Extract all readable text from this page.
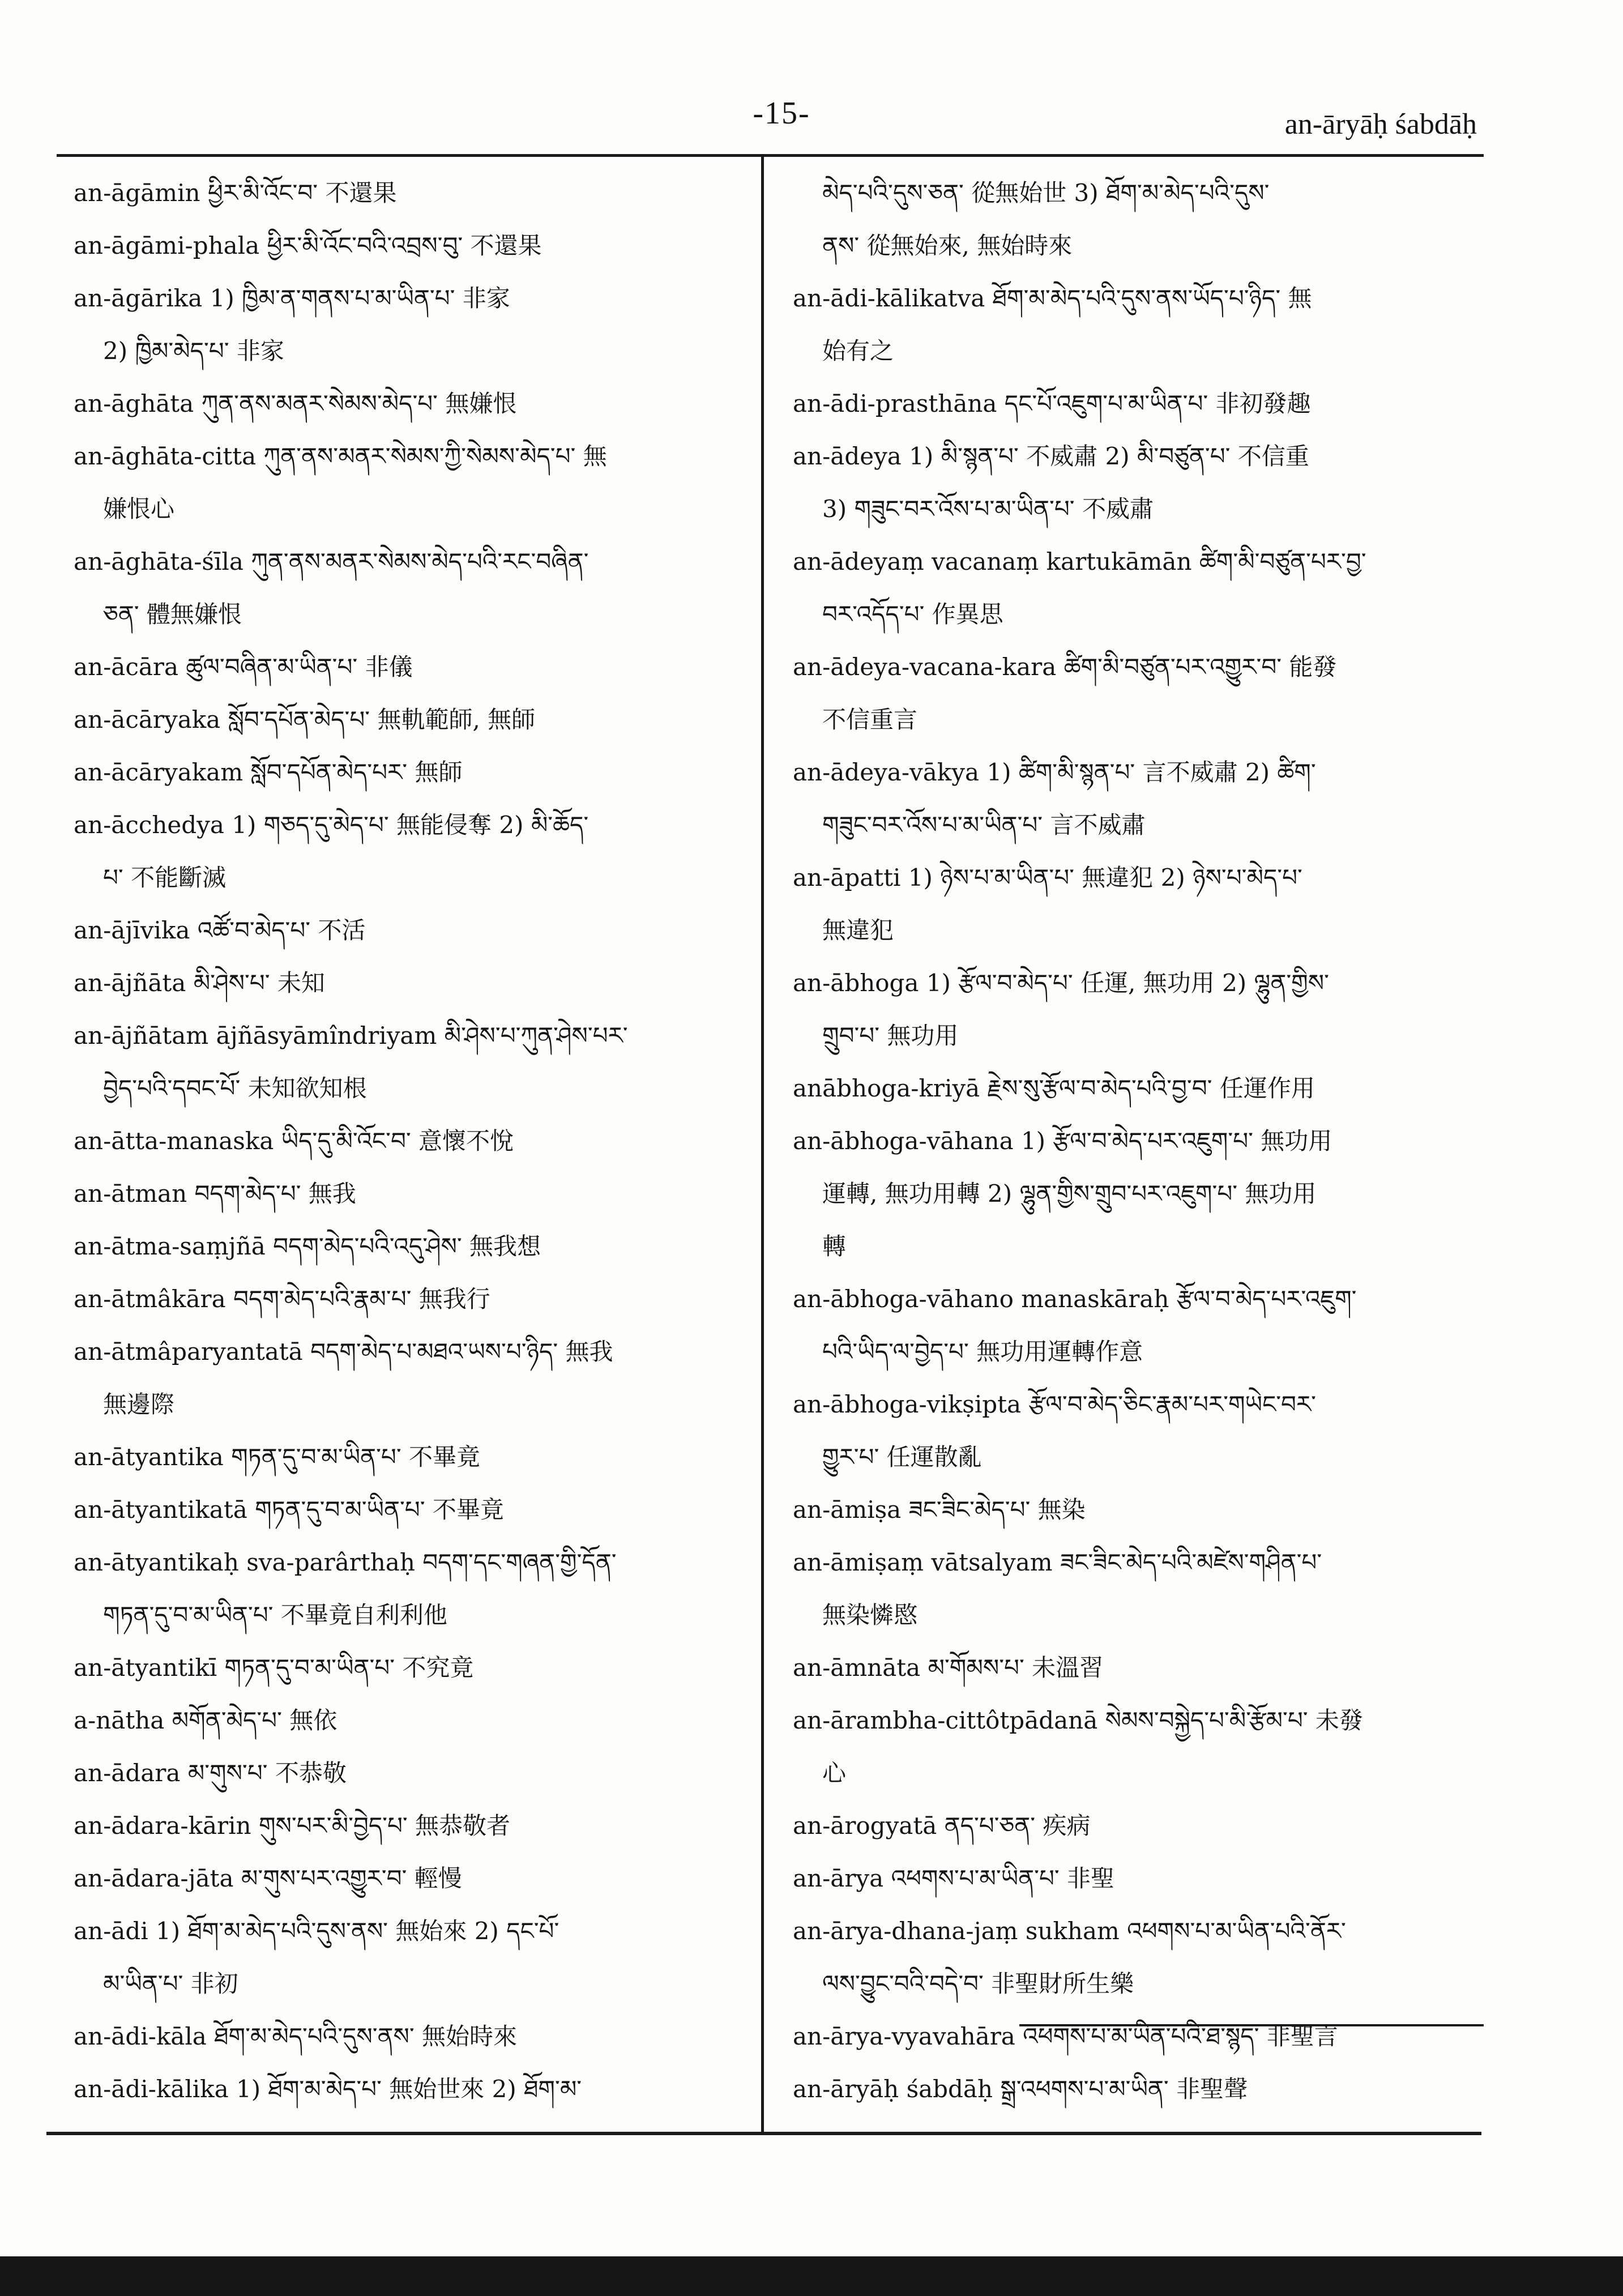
-15-	an-āryāḥ śabdāḥ

an-āgāmin ཕྱིར་མི་འོང་བ་ 不還果

an-āgāmi-phala ཕྱིར་མི་འོང་བའི་འབྲས་བུ་ 不還果

an-āgārika 1) ཁྱིམ་ན་གནས་པ་མ་ཡིན་པ་ 非家

2) ཁྱིམ་མེད་པ་ 非家

an-āghāta ཀུན་ནས་མནར་སེམས་མེད་པ་ 無嫌恨

an-āghāta-citta ཀུན་ནས་མནར་སེམས་ཀྱི་སེམས་མེད་པ་ 無

嫌恨心

an-āghāta-śīla ཀུན་ནས་མནར་སེམས་མེད་པའི་རང་བཞིན་

ཅན་ 體無嫌恨

an-ācāra ཚུལ་བཞིན་མ་ཡིན་པ་ 非儀

an-ācāryaka སློབ་དཔོན་མེད་པ་ 無軌範師, 無師

an-ācāryakam སློབ་དཔོན་མེད་པར་ 無師

an-ācchedya 1) གཅད་དུ་མེད་པ་ 無能侵奪 2) མི་ཆོད་

པ་ 不能斷滅

an-ājīvika འཚོ་བ་མེད་པ་ 不活

an-ājñāta མི་ཤེས་པ་ 未知

an-ājñātam ājñāsyāmîndriyam མི་ཤེས་པ་ཀུན་ཤེས་པར་

བྱེད་པའི་དབང་པོ་ 未知欲知根

an-ātta-manaska ཡིད་དུ་མི་འོང་བ་ 意懷不悅

an-ātman བདག་མེད་པ་ 無我

an-ātma-saṃjñā བདག་མེད་པའི་འདུ་ཤེས་ 無我想

an-ātmâkāra བདག་མེད་པའི་རྣམ་པ་ 無我行

an-ātmâparyantatā བདག་མེད་པ་མཐའ་ཡས་པ་ཉིད་ 無我

無邊際

an-ātyantika གཏན་དུ་བ་མ་ཡིན་པ་ 不畢竟

an-ātyantikatā གཏན་དུ་བ་མ་ཡིན་པ་ 不畢竟

an-ātyantikaḥ sva-parârthaḥ བདག་དང་གཞན་གྱི་དོན་

གཏན་དུ་བ་མ་ཡིན་པ་ 不畢竟自利利他

an-ātyantikī གཏན་དུ་བ་མ་ཡིན་པ་ 不究竟

a-nātha མགོན་མེད་པ་ 無依

an-ādara མ་གུས་པ་ 不恭敬

an-ādara-kārin གུས་པར་མི་བྱེད་པ་ 無恭敬者

an-ādara-jāta མ་གུས་པར་འགྱུར་བ་ 輕慢

an-ādi 1) ཐོག་མ་མེད་པའི་དུས་ནས་ 無始來 2) དང་པོ་

མ་ཡིན་པ་ 非初

an-ādi-kāla ཐོག་མ་མེད་པའི་དུས་ནས་ 無始時來

an-ādi-kālika 1) ཐོག་མ་མེད་པ་ 無始世來 2) ཐོག་མ་

མེད་པའི་དུས་ཅན་ 從無始世 3) ཐོག་མ་མེད་པའི་དུས་

ནས་ 從無始來, 無始時來

an-ādi-kālikatva ཐོག་མ་མེད་པའི་དུས་ནས་ཡོད་པ་ཉིད་ 無

始有之

an-ādi-prasthāna དང་པོ་འཇུག་པ་མ་ཡིན་པ་ 非初發趣

an-ādeya 1) མི་སྙན་པ་ 不威肅 2) མི་བཙུན་པ་ 不信重

3) གཟུང་བར་འོས་པ་མ་ཡིན་པ་ 不威肅

an-ādeyaṃ vacanaṃ kartukāmān ཚིག་མི་བཙུན་པར་བྱ་

བར་འདོད་པ་ 作異思

an-ādeya-vacana-kara ཚིག་མི་བཙུན་པར་འགྱུར་བ་ 能發

不信重言

an-ādeya-vākya 1) ཚིག་མི་སྙན་པ་ 言不威肅 2) ཚིག་

གཟུང་བར་འོས་པ་མ་ཡིན་པ་ 言不威肅

an-āpatti 1) ཉེས་པ་མ་ཡིན་པ་ 無違犯 2) ཉེས་པ་མེད་པ་

無違犯

an-ābhoga 1) རྩོལ་བ་མེད་པ་ 任運, 無功用 2) ལྷུན་གྱིས་

གྲུབ་པ་ 無功用

anābhoga-kriyā རྗེས་སུ་རྩོལ་བ་མེད་པའི་བྱ་བ་ 任運作用

an-ābhoga-vāhana 1) རྩོལ་བ་མེད་པར་འཇུག་པ་ 無功用

運轉, 無功用轉 2) ལྷུན་གྱིས་གྲུབ་པར་འཇུག་པ་ 無功用

轉

an-ābhoga-vāhano manaskāraḥ རྩོལ་བ་མེད་པར་འཇུག་

པའི་ཡིད་ལ་བྱེད་པ་ 無功用運轉作意

an-ābhoga-vikṣipta རྩོལ་བ་མེད་ཅིང་རྣམ་པར་གཡེང་བར་

གྱུར་པ་ 任運散亂

an-āmiṣa ཟང་ཟིང་མེད་པ་ 無染

an-āmiṣaṃ vātsalyam ཟང་ཟིང་མེད་པའི་མཛེས་གཤིན་པ་

無染憐愍

an-āmnāta མ་གོམས་པ་ 未溫習

an-ārambha-cittôtpādanā སེམས་བསྐྱེད་པ་མི་རྩོམ་པ་ 未發

心

an-ārogyatā ནད་པ་ཅན་ 疾病

an-ārya འཕགས་པ་མ་ཡིན་པ་ 非聖

an-ārya-dhana-jaṃ sukham འཕགས་པ་མ་ཡིན་པའི་ནོར་

ལས་བྱུང་བའི་བདེ་བ་ 非聖財所生樂

an-ārya-vyavahāra འཕགས་པ་མ་ཡིན་པའི་ཐ་སྙད་ 非聖言

an-āryāḥ śabdāḥ སྒྲ་འཕགས་པ་མ་ཡིན་ 非聖聲
